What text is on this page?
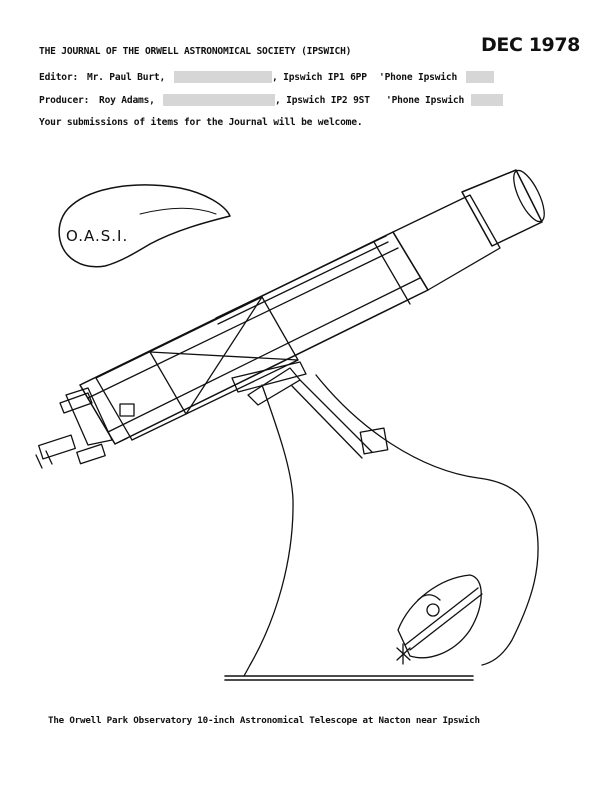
THE JOURNAL OF THE ORWELL ASTRONOMICAL SOCIETY (IPSWICH)	DEC 1978
Editor: Mr. Paul Burt,	, Ipswich IP1 6PP 'Phone Ipswich
Producer: Roy Adams,	, Ipswich IP2 9ST 'Phone Ipswich
Your submissions of items for the Journal will be welcome.
O.A.S.I.
The Orwell Park Observatory 10-inch Astronomical Telescope at Nacton near Ipswich
